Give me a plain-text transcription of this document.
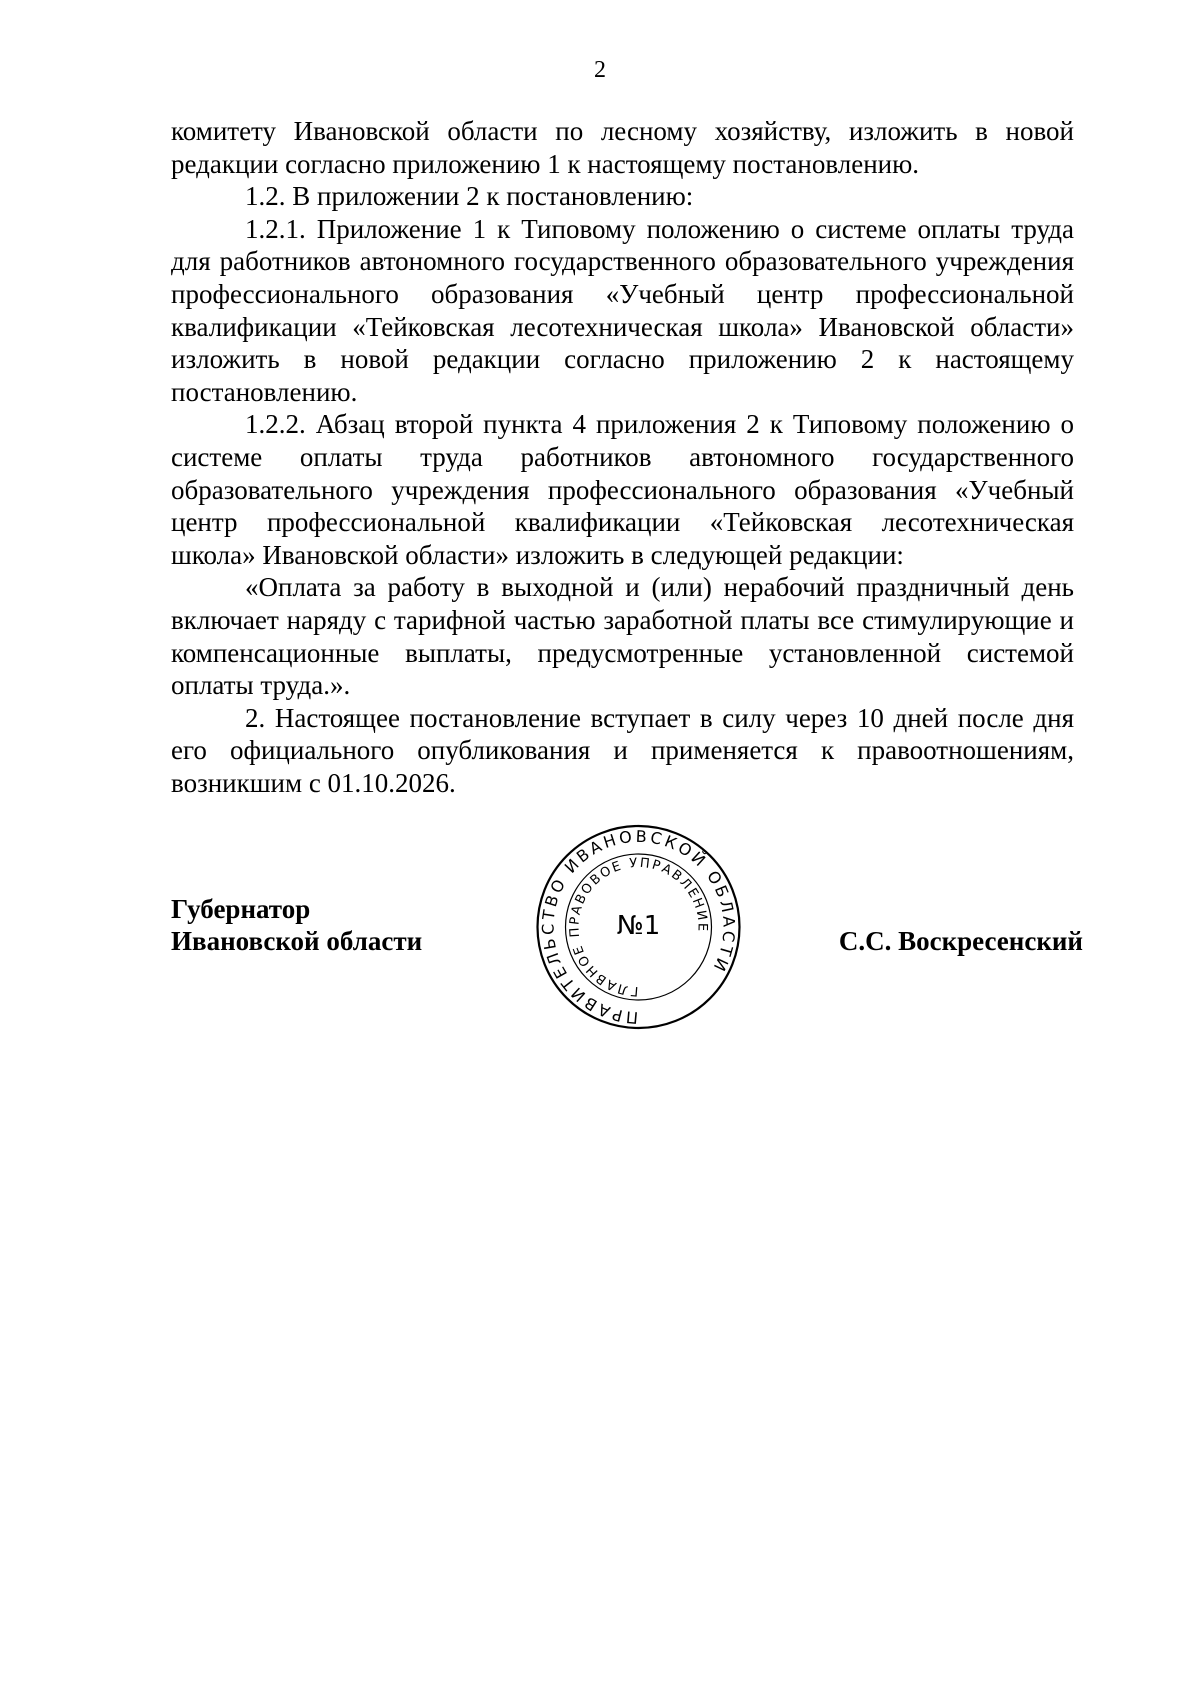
2

комитету Ивановской области по лесному хозяйству, изложить в новой редакции согласно приложению 1 к настоящему постановлению.

1.2. В приложении 2 к постановлению:

1.2.1. Приложение 1 к Типовому положению о системе оплаты труда для работников автономного государственного образовательного учреждения профессионального образования «Учебный центр профессиональной квалификации «Тейковская лесотехническая школа» Ивановской области» изложить в новой редакции согласно приложению 2 к настоящему постановлению.

1.2.2. Абзац второй пункта 4 приложения 2 к Типовому положению о системе оплаты труда работников автономного государственного образовательного учреждения профессионального образования «Учебный центр профессиональной квалификации «Тейковская лесотехническая школа» Ивановской области» изложить в следующей редакции:

«Оплата за работу в выходной и (или) нерабочий праздничный день включает наряду с тарифной частью заработной платы все стимулирующие и компенсационные выплаты, предусмотренные установленной системой оплаты труда.».

2. Настоящее постановление вступает в силу через 10 дней после дня его официального опубликования и применяется к правоотношениям, возникшим с 01.10.2026.

Губернатор
Ивановской области
ПРАВИТЕЛЬСТВО ИВАНОВСКОЙ ОБЛАСТИ
ГЛАВНОЕ ПРАВОВОЕ УПРАВЛЕНИЕ
№1	С.С. Воскресенский
